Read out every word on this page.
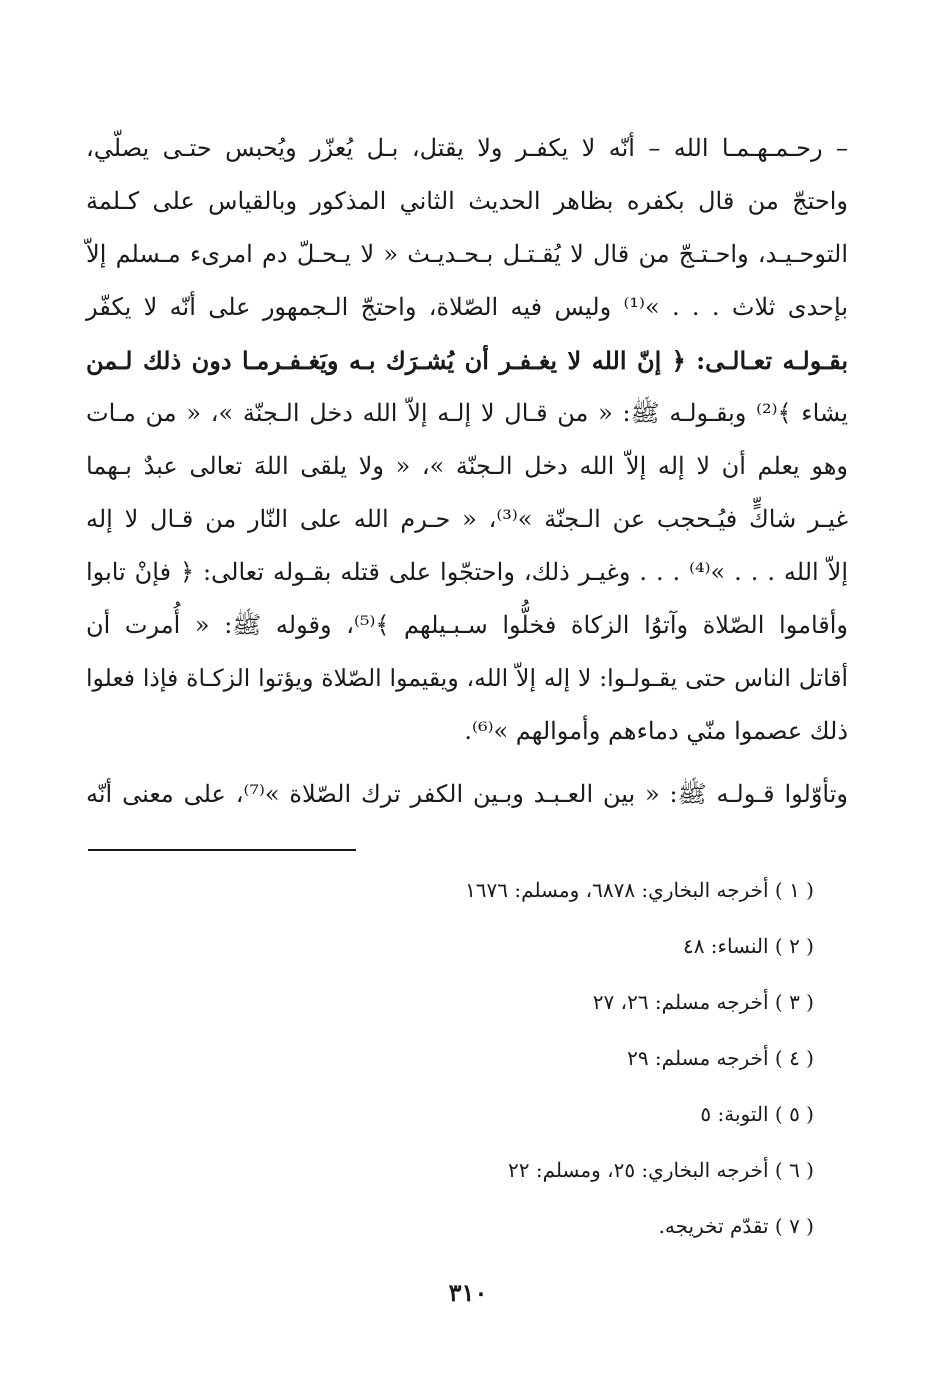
– رحـمـهـمـا الله – أنّه لا يكفـر ولا يقتل، بـل يُعزّر ويُحبس حتـى يصلّي،
واحتجّ من قال بكفره بظاهر الحديث الثاني المذكور وبالقياس على كـلمة
التوحـيـد، واحـتـجّ من قال لا يُقـتـل بـحـديـث « لا يـحـلّ دم امرىء مـسلم إلاّ
بإحدى ثلاث . . . »⁽¹⁾ وليس فيه الصّلاة، واحتجّ الـجمهور على أنّه لا يكفّر
بقـولـه تعـالـى: ﴿ إنّ الله لا يغـفـر أن يُشـرَك بـه ويَغـفـرمـا دون ذلك لـمن
يشاء ﴾⁽²⁾ وبقـولـه ﷺ: « من قـال لا إلـه إلاّ الله دخل الـجنّة »، « من مـات
وهو يعلم أن لا إله إلاّ الله دخل الـجنّة »، « ولا يلقى اللهَ تعالى عبدٌ بـهما
غيـر شاكٍّ فيُـحجب عن الـجنّة »⁽³⁾، « حـرم الله على النّار من قـال لا إله
إلاّ الله . . . »⁽⁴⁾ . . . وغيـر ذلك، واحتجّوا على قتله بقـوله تعالى: ﴿ فإنْ تابوا
وأقاموا الصّلاة وآتوُا الزكاة فخلُّوا سـبـيلهم ﴾⁽⁵⁾، وقوله ﷺ: « أُمرت أن
أقاتل الناس حتى يقـولـوا: لا إله إلاّ الله، ويقيموا الصّلاة ويؤتوا الزكـاة فإذا فعلوا
ذلك عصموا منّي دماءهم وأموالهم »⁽⁶⁾.
وتأوّلوا قـولـه ﷺ: « بين العـبـد وبـين الكفر ترك الصّلاة »⁽⁷⁾، على معنى أنّه
( ١ ) أخرجه البخاري: ٦٨٧٨، ومسلم: ١٦٧٦
( ٢ ) النساء: ٤٨
( ٣ ) أخرجه مسلم: ٢٦، ٢٧
( ٤ ) أخرجه مسلم: ٢٩
( ٥ ) التوبة: ٥
( ٦ ) أخرجه البخاري: ٢٥، ومسلم: ٢٢
( ٧ ) تقدّم تخريجه.
٣١٠
